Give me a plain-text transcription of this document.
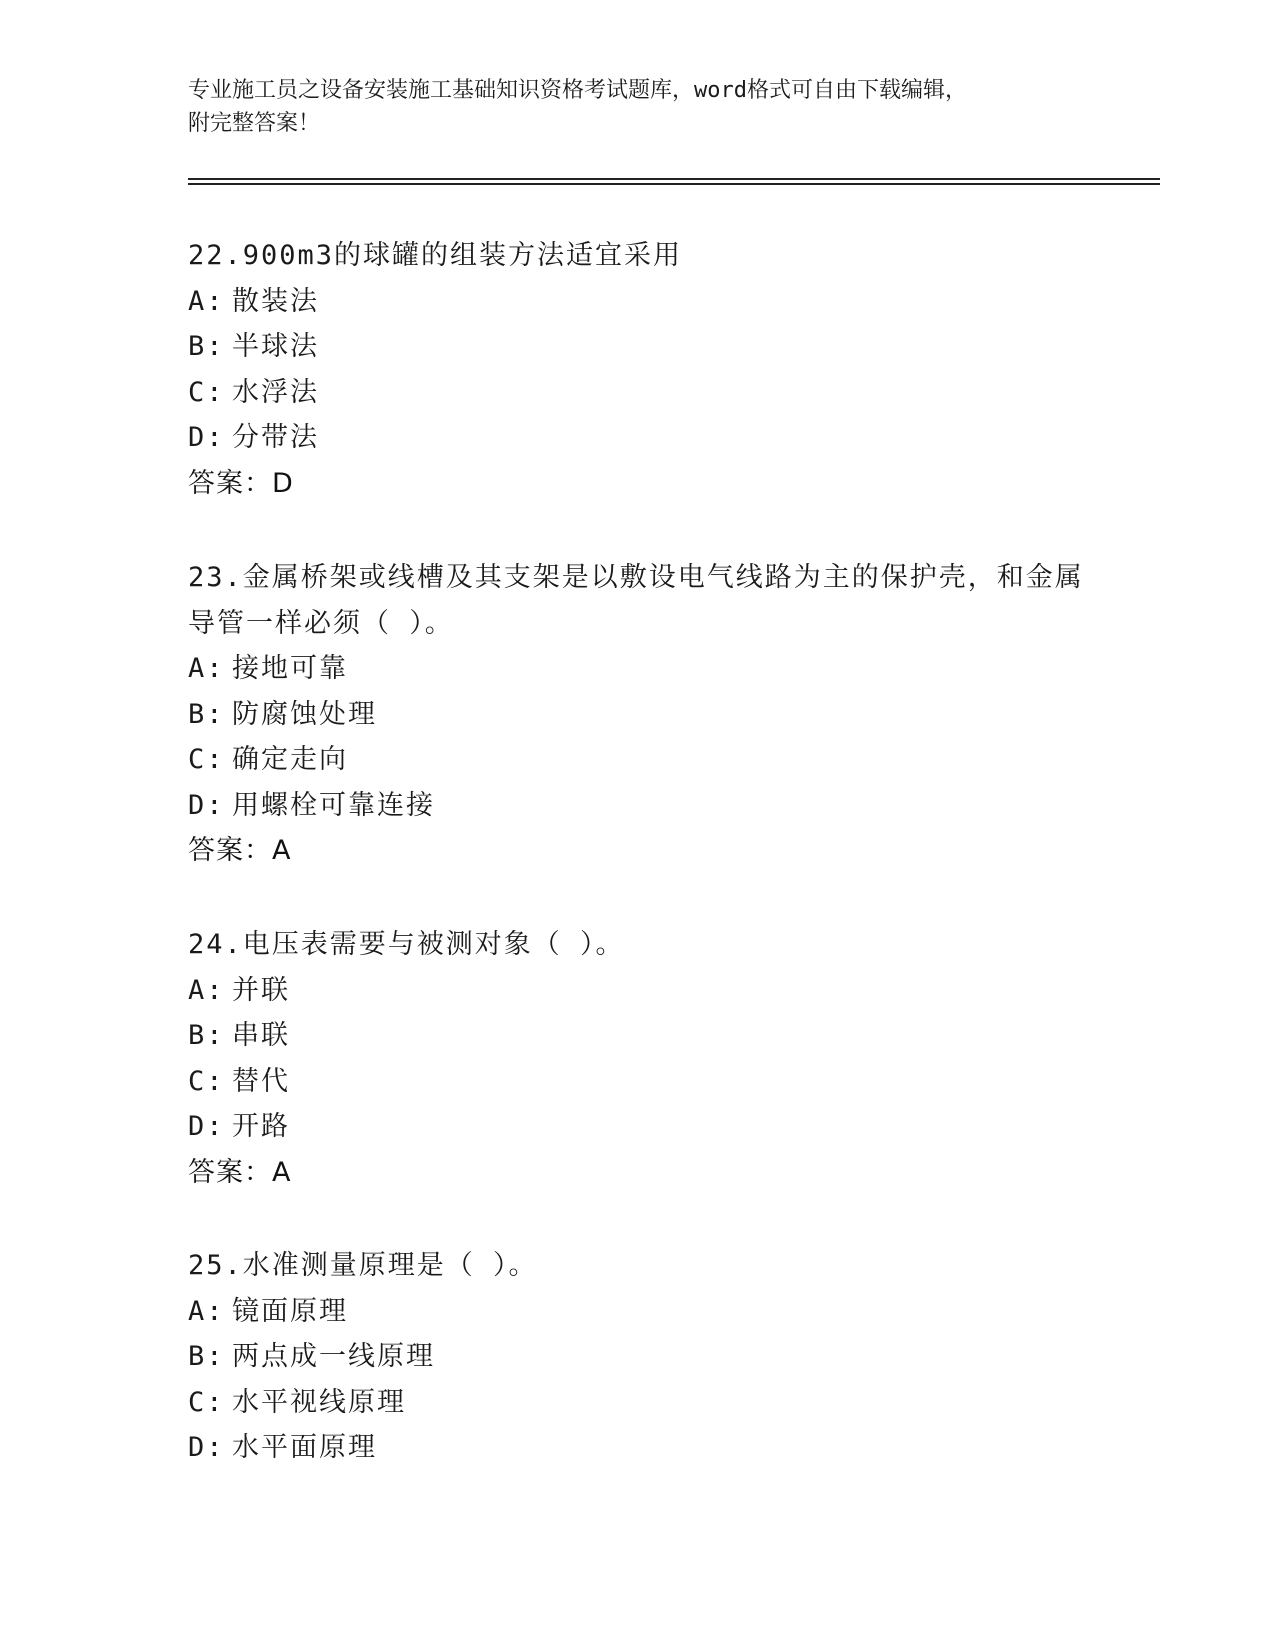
专业施工员之设备安装施工基础知识资格考试题库，word格式可自由下载编辑，
附完整答案！
22.900m3的球罐的组装方法适宜采用
A: 散装法
B: 半球法
C: 水浮法
D: 分带法
答案：D
23.金属桥架或线槽及其支架是以敷设电气线路为主的保护壳，和金属导管一样必须（ ）。
A: 接地可靠
B: 防腐蚀处理
C: 确定走向
D: 用螺栓可靠连接
答案：A
24.电压表需要与被测对象（ ）。
A: 并联
B: 串联
C: 替代
D: 开路
答案：A
25.水准测量原理是（ ）。
A: 镜面原理
B: 两点成一线原理
C: 水平视线原理
D: 水平面原理
